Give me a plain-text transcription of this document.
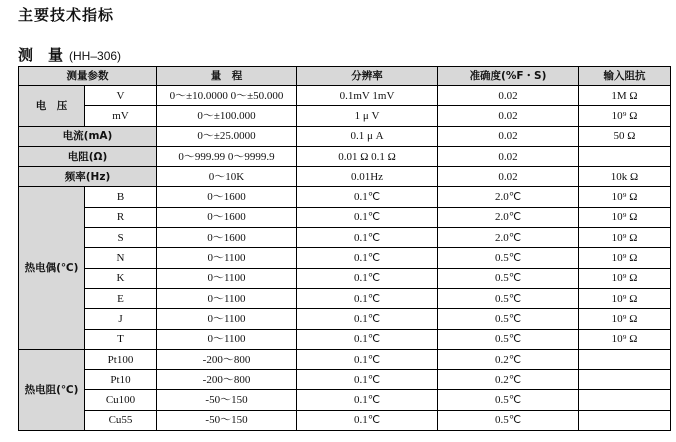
主要技术指标
测　量 (HH–306)
测量参数		量　程	分辨率	准确度(%F・S)	输入阻抗
电　压	V	0～±10.0000 0～±50.000	0.1mV 1mV	0.02	1M Ω
	mV	0～±100.000	1 μ V	0.02	10⁹ Ω
电流(mA)		0～±25.0000	0.1 μ A	0.02	50 Ω
电阻(Ω)		0～999.99 0～9999.9	0.01 Ω 0.1 Ω	0.02	
频率(Hz)		0～10K	0.01Hz	0.02	10k Ω
热电偶(℃)	B	0～1600	0.1℃	2.0℃	10⁹ Ω
	R	0～1600	0.1℃	2.0℃	10⁹ Ω
	S	0～1600	0.1℃	2.0℃	10⁹ Ω
	N	0～1100	0.1℃	0.5℃	10⁹ Ω
	K	0～1100	0.1℃	0.5℃	10⁹ Ω
	E	0～1100	0.1℃	0.5℃	10⁹ Ω
	J	0～1100	0.1℃	0.5℃	10⁹ Ω
	T	0～1100	0.1℃	0.5℃	10⁹ Ω
热电阻(℃)	Pt100	-200～800	0.1℃	0.2℃	
	Pt10	-200～800	0.1℃	0.2℃	
	Cu100	-50～150	0.1℃	0.5℃	
	Cu55	-50～150	0.1℃	0.5℃	
